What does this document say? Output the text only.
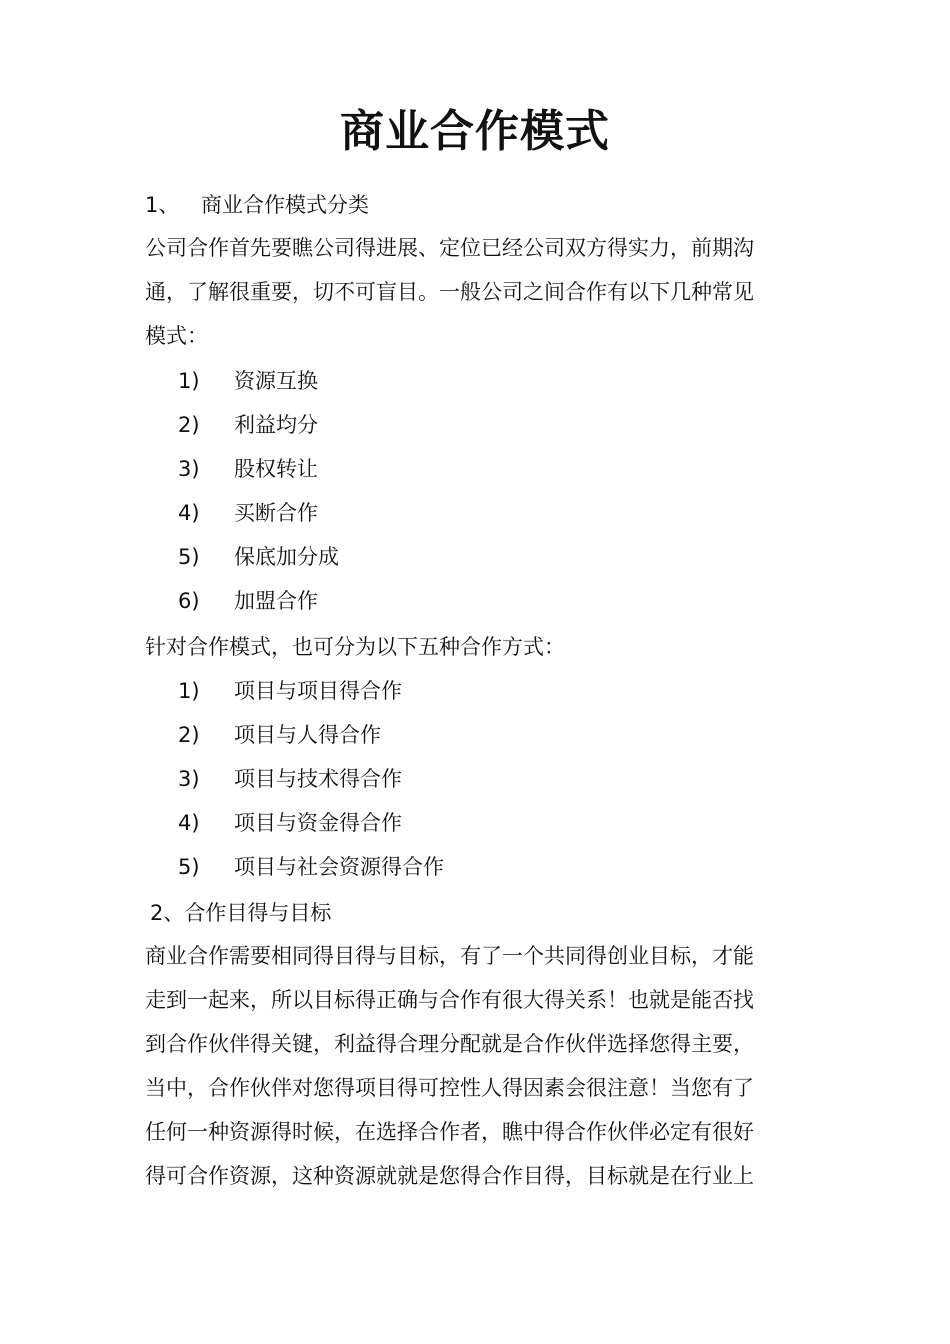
商业合作模式
1、 商业合作模式分类
公司合作首先要瞧公司得进展、定位已经公司双方得实力，前期沟
通，了解很重要，切不可盲目。一般公司之间合作有以下几种常见
模式：
1) 资源互换
2) 利益均分
3) 股权转让
4) 买断合作
5) 保底加分成
6) 加盟合作
针对合作模式，也可分为以下五种合作方式：
1) 项目与项目得合作
2) 项目与人得合作
3) 项目与技术得合作
4) 项目与资金得合作
5) 项目与社会资源得合作
2、合作目得与目标
商业合作需要相同得目得与目标，有了一个共同得创业目标，才能
走到一起来，所以目标得正确与合作有很大得关系！也就是能否找
到合作伙伴得关键，利益得合理分配就是合作伙伴选择您得主要，
当中，合作伙伴对您得项目得可控性人得因素会很注意！当您有了
任何一种资源得时候，在选择合作者，瞧中得合作伙伴必定有很好
得可合作资源，这种资源就就是您得合作目得，目标就是在行业上
